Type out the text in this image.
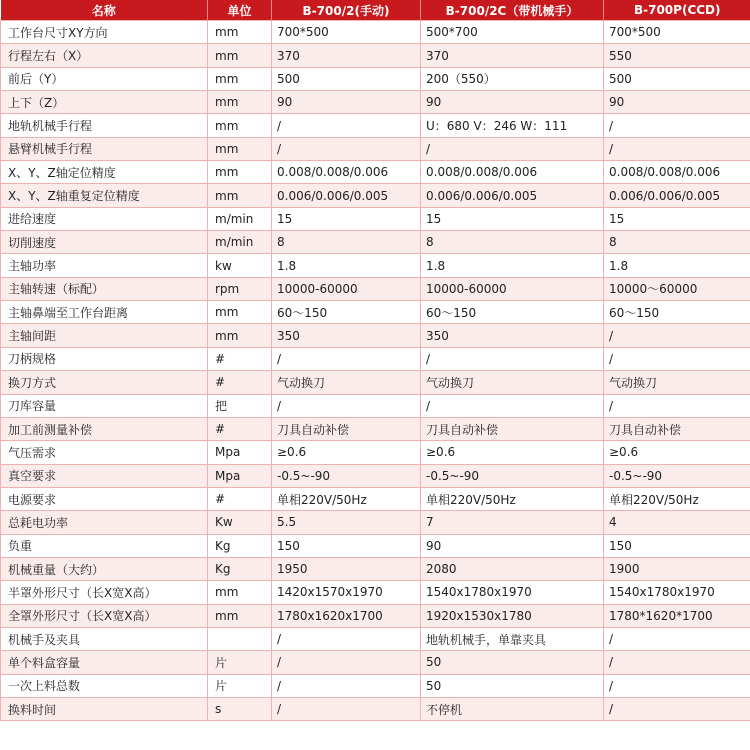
名称	单位	B-700/2(手动)	B-700/2C（带机械手）	B-700P(CCD)
工作台尺寸XY方向	mm	700*500	500*700	700*500
行程左右（X）	mm	370	370	550
前后（Y）	mm	500	200（550）	500
上下（Z）	mm	90	90	90
地轨机械手行程	mm	/	U：680 V：246 W：111	/
悬臂机械手行程	mm	/	/	/
X、Y、Z轴定位精度	mm	0.008/0.008/0.006	0.008/0.008/0.006	0.008/0.008/0.006
X、Y、Z轴重复定位精度	mm	0.006/0.006/0.005	0.006/0.006/0.005	0.006/0.006/0.005
进给速度	m/min	15	15	15
切削速度	m/min	8	8	8
主轴功率	kw	1.8	1.8	1.8
主轴转速（标配）	rpm	10000-60000	10000-60000	10000～60000
主轴鼻端至工作台距离	mm	60～150	60～150	60～150
主轴间距	mm	350	350	/
刀柄规格	#	/	/	/
换刀方式	#	气动换刀	气动换刀	气动换刀
刀库容量	把	/	/	/
加工前测量补偿	#	刀具自动补偿	刀具自动补偿	刀具自动补偿
气压需求	Mpa	≥0.6	≥0.6	≥0.6
真空要求	Mpa	-0.5~-90	-0.5~-90	-0.5~-90
电源要求	#	单相220V/50Hz	单相220V/50Hz	单相220V/50Hz
总耗电功率	Kw	5.5	7	4
负重	Kg	150	90	150
机械重量（大约）	Kg	1950	2080	1900
半罩外形尺寸（长X宽X高）	mm	1420x1570x1970	1540x1780x1970	1540x1780x1970
全罩外形尺寸（长X宽X高）	mm	1780x1620x1700	1920x1530x1780	1780*1620*1700
机械手及夹具		/	地轨机械手，单靠夹具	/
单个料盒容量	片	/	50	/
一次上料总数	片	/	50	/
换料时间	s	/	不停机	/
